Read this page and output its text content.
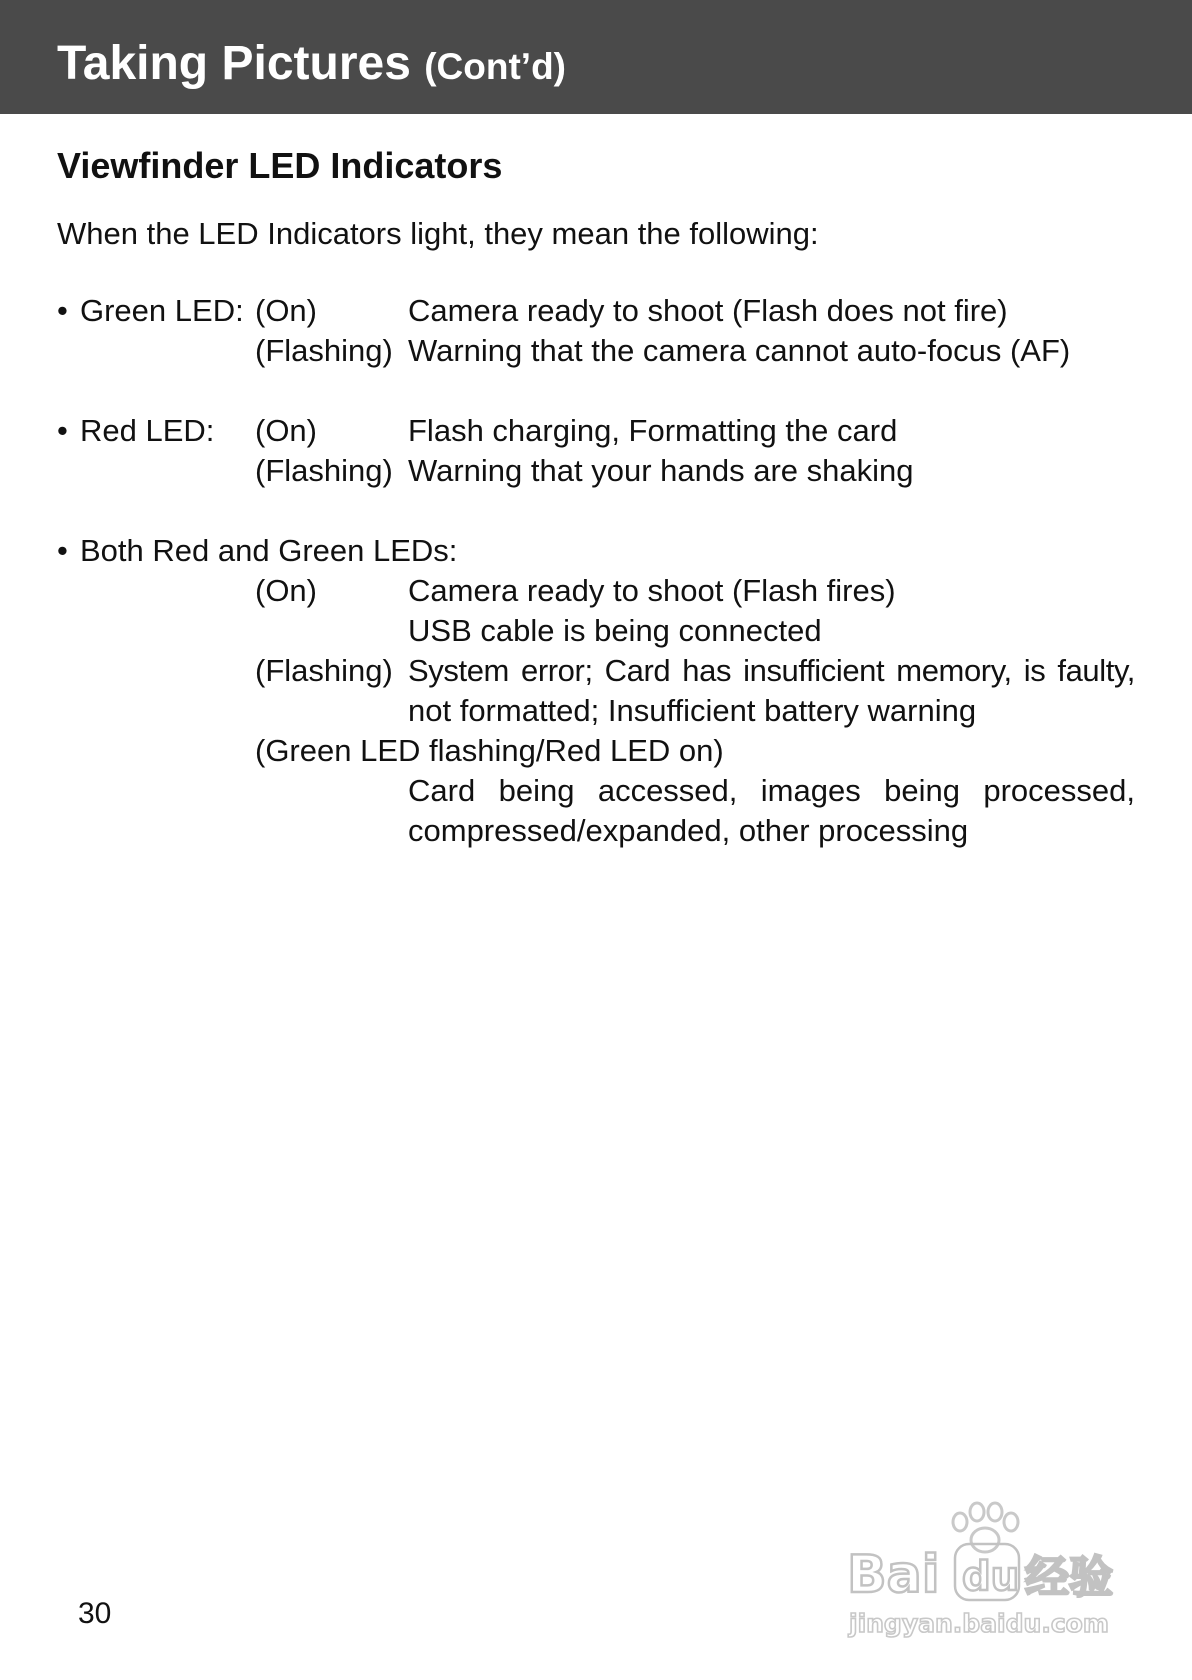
Taking Pictures (Cont’d)
Viewfinder LED Indicators
When the LED Indicators light, they mean the following:
• Green LED: (On)	Camera ready to shoot (Flash does not fire)
(Flashing) Warning that the camera cannot auto-focus (AF)
• Red LED: (On)	Flash charging, Formatting the card
(Flashing) Warning that your hands are shaking
• Both Red and Green LEDs:
(On)	Camera ready to shoot (Flash fires)
USB cable is being connected
(Flashing) System error; Card has insufficient memory, is faulty,
not formatted; Insufficient battery warning
(Green LED flashing/Red LED on)
Card being accessed, images being processed,
compressed/expanded, other processing
30
Bai du 经验
jingyan.baidu.com
